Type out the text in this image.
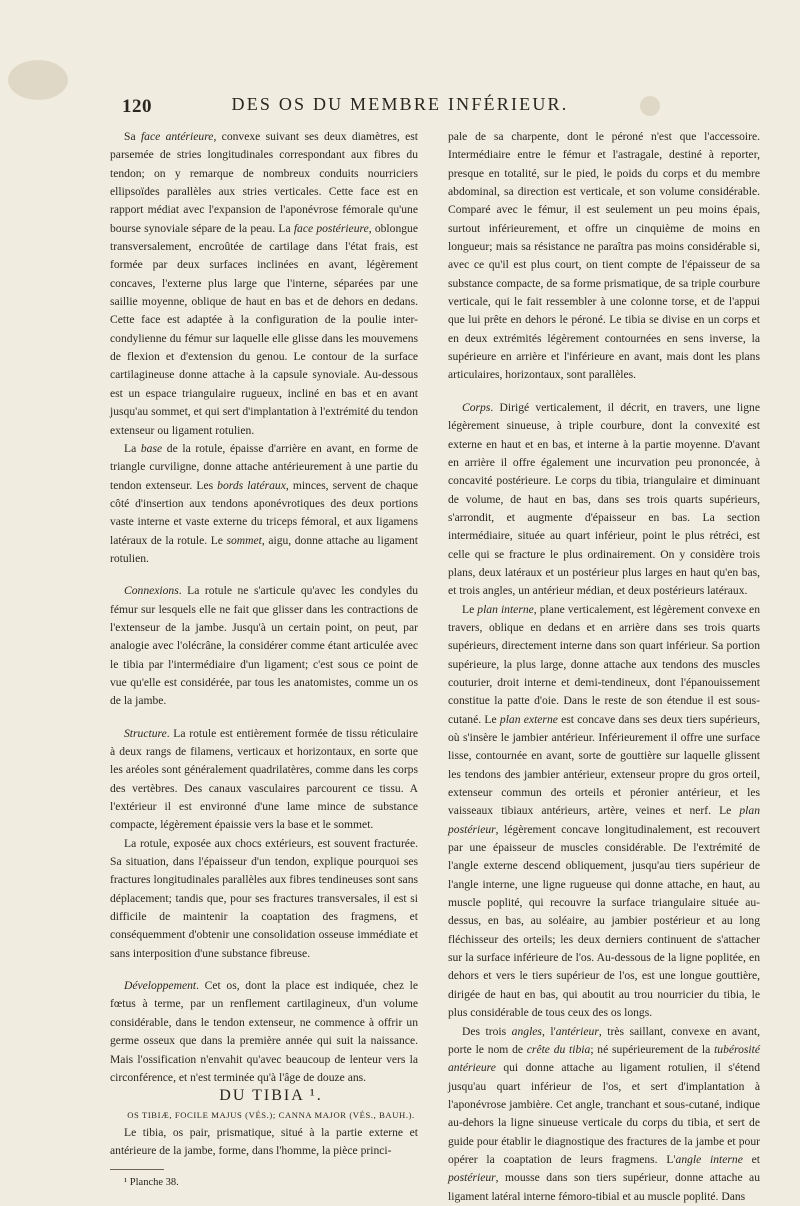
120	DES OS DU MEMBRE INFÉRIEUR.

Sa face antérieure, convexe suivant ses deux diamètres, est parsemée de stries longitudinales correspondant aux fibres du tendon; on y remarque de nombreux conduits nourriciers ellipsoïdes parallèles aux stries verticales. Cette face est en rapport médiat avec l'expansion de l'aponévrose fémorale qu'une bourse synoviale sépare de la peau. La face postérieure, oblongue transversalement, encroûtée de cartilage dans l'état frais, est formée par deux surfaces inclinées en avant, légèrement concaves, l'externe plus large que l'interne, séparées par une saillie moyenne, oblique de haut en bas et de dehors en dedans. Cette face est adaptée à la configuration de la poulie inter-condylienne du fémur sur laquelle elle glisse dans les mouvemens de flexion et d'extension du genou. Le contour de la surface cartilagineuse donne attache à la capsule synoviale. Au-dessous est un espace triangulaire rugueux, incliné en bas et en avant jusqu'au sommet, et qui sert d'implantation à l'extrémité du tendon extenseur ou ligament rotulien.

La base de la rotule, épaisse d'arrière en avant, en forme de triangle curviligne, donne attache antérieurement à une partie du tendon extenseur. Les bords latéraux, minces, servent de chaque côté d'insertion aux tendons aponévrotiques des deux portions vaste interne et vaste externe du triceps fémoral, et aux ligamens latéraux de la rotule. Le sommet, aigu, donne attache au ligament rotulien.

Connexions. La rotule ne s'articule qu'avec les condyles du fémur sur lesquels elle ne fait que glisser dans les contractions de l'extenseur de la jambe. Jusqu'à un certain point, on peut, par analogie avec l'olécrâne, la considérer comme étant articulée avec le tibia par l'intermédiaire d'un ligament; c'est sous ce point de vue qu'elle est considérée, par tous les anatomistes, comme un os de la jambe.

Structure. La rotule est entièrement formée de tissu réticulaire à deux rangs de filamens, verticaux et horizontaux, en sorte que les aréoles sont généralement quadrilatères, comme dans les corps des vertèbres. Des canaux vasculaires parcourent ce tissu. A l'extérieur il est environné d'une lame mince de substance compacte, légèrement épaissie vers la base et le sommet.

La rotule, exposée aux chocs extérieurs, est souvent fracturée. Sa situation, dans l'épaisseur d'un tendon, explique pourquoi ses fractures longitudinales parallèles aux fibres tendineuses sont sans déplacement; tandis que, pour ses fractures transversales, il est si difficile de maintenir la coaptation des fragmens, et conséquemment d'obtenir une consolidation osseuse immédiate et sans interposition d'une substance fibreuse.

Développement. Cet os, dont la place est indiquée, chez le fœtus à terme, par un renflement cartilagineux, d'un volume considérable, dans le tendon extenseur, ne commence à offrir un germe osseux que dans la première année qui suit la naissance. Mais l'ossification n'envahit qu'avec beaucoup de lenteur vers la circonférence, et n'est terminée qu'à l'âge de douze ans.

DU TIBIA ¹.

OS TIBIÆ, FOCILE MAJUS (VÉS.); CANNA MAJOR (VÉS., BAUH.).

Le tibia, os pair, prismatique, situé à la partie externe et antérieure de la jambe, forme, dans l'homme, la pièce princi-

¹ Planche 38.

pale de sa charpente, dont le péroné n'est que l'accessoire. Intermédiaire entre le fémur et l'astragale, destiné à reporter, presque en totalité, sur le pied, le poids du corps et du membre abdominal, sa direction est verticale, et son volume considérable. Comparé avec le fémur, il est seulement un peu moins épais, surtout inférieurement, et offre un cinquième de moins en longueur; mais sa résistance ne paraîtra pas moins considérable si, avec ce qu'il est plus court, on tient compte de l'épaisseur de sa substance compacte, de sa forme prismatique, de sa triple courbure verticale, qui le fait ressembler à une colonne torse, et de l'appui que lui prête en dehors le péroné. Le tibia se divise en un corps et en deux extrémités légèrement contournées en sens inverse, la supérieure en arrière et l'inférieure en avant, mais dont les plans articulaires, horizontaux, sont parallèles.

Corps. Dirigé verticalement, il décrit, en travers, une ligne légèrement sinueuse, à triple courbure, dont la convexité est externe en haut et en bas, et interne à la partie moyenne. D'avant en arrière il offre également une incurvation peu prononcée, à concavité postérieure. Le corps du tibia, triangulaire et diminuant de volume, de haut en bas, dans ses trois quarts supérieurs, s'arrondit, et augmente d'épaisseur en bas. La section intermédiaire, située au quart inférieur, point le plus rétréci, est celle qui se fracture le plus ordinairement. On y considère trois plans, deux latéraux et un postérieur plus larges en haut qu'en bas, et trois angles, un antérieur médian, et deux postérieurs latéraux.

Le plan interne, plane verticalement, est légèrement convexe en travers, oblique en dedans et en arrière dans ses trois quarts supérieurs, directement interne dans son quart inférieur. Sa portion supérieure, la plus large, donne attache aux tendons des muscles couturier, droit interne et demi-tendineux, dont l'épanouissement constitue la patte d'oie. Dans le reste de son étendue il est sous-cutané. Le plan externe est concave dans ses deux tiers supérieurs, où s'insère le jambier antérieur. Inférieurement il offre une surface lisse, contournée en avant, sorte de gouttière sur laquelle glissent les tendons des jambier antérieur, extenseur propre du gros orteil, extenseur commun des orteils et péronier antérieur, et les vaisseaux tibiaux antérieurs, artère, veines et nerf. Le plan postérieur, légèrement concave longitudinalement, est recouvert par une épaisseur de muscles considérable. De l'extrémité de l'angle externe descend obliquement, jusqu'au tiers supérieur de l'angle interne, une ligne rugueuse qui donne attache, en haut, au muscle poplité, qui recouvre la surface triangulaire située au-dessus, en bas, au soléaire, au jambier postérieur et au long fléchisseur des orteils; les deux derniers continuent de s'attacher sur la surface inférieure de l'os. Au-dessous de la ligne poplitée, en dehors et vers le tiers supérieur de l'os, est une longue gouttière, dirigée de haut en bas, qui aboutit au trou nourricier du tibia, le plus considérable de tous ceux des os longs.

Des trois angles, l'antérieur, très saillant, convexe en avant, porte le nom de crête du tibia; né supérieurement de la tubérosité antérieure qui donne attache au ligament rotulien, il s'étend jusqu'au quart inférieur de l'os, et sert d'implantation à l'aponévrose jambière. Cet angle, tranchant et sous-cutané, indique au-dehors la ligne sinueuse verticale du corps du tibia, et sert de guide pour établir le diagnostique des fractures de la jambe et pour opérer la coaptation de leurs fragmens. L'angle interne et postérieur, mousse dans son tiers supérieur, donne attache au ligament latéral interne fémoro-tibial et au muscle poplité. Dans
